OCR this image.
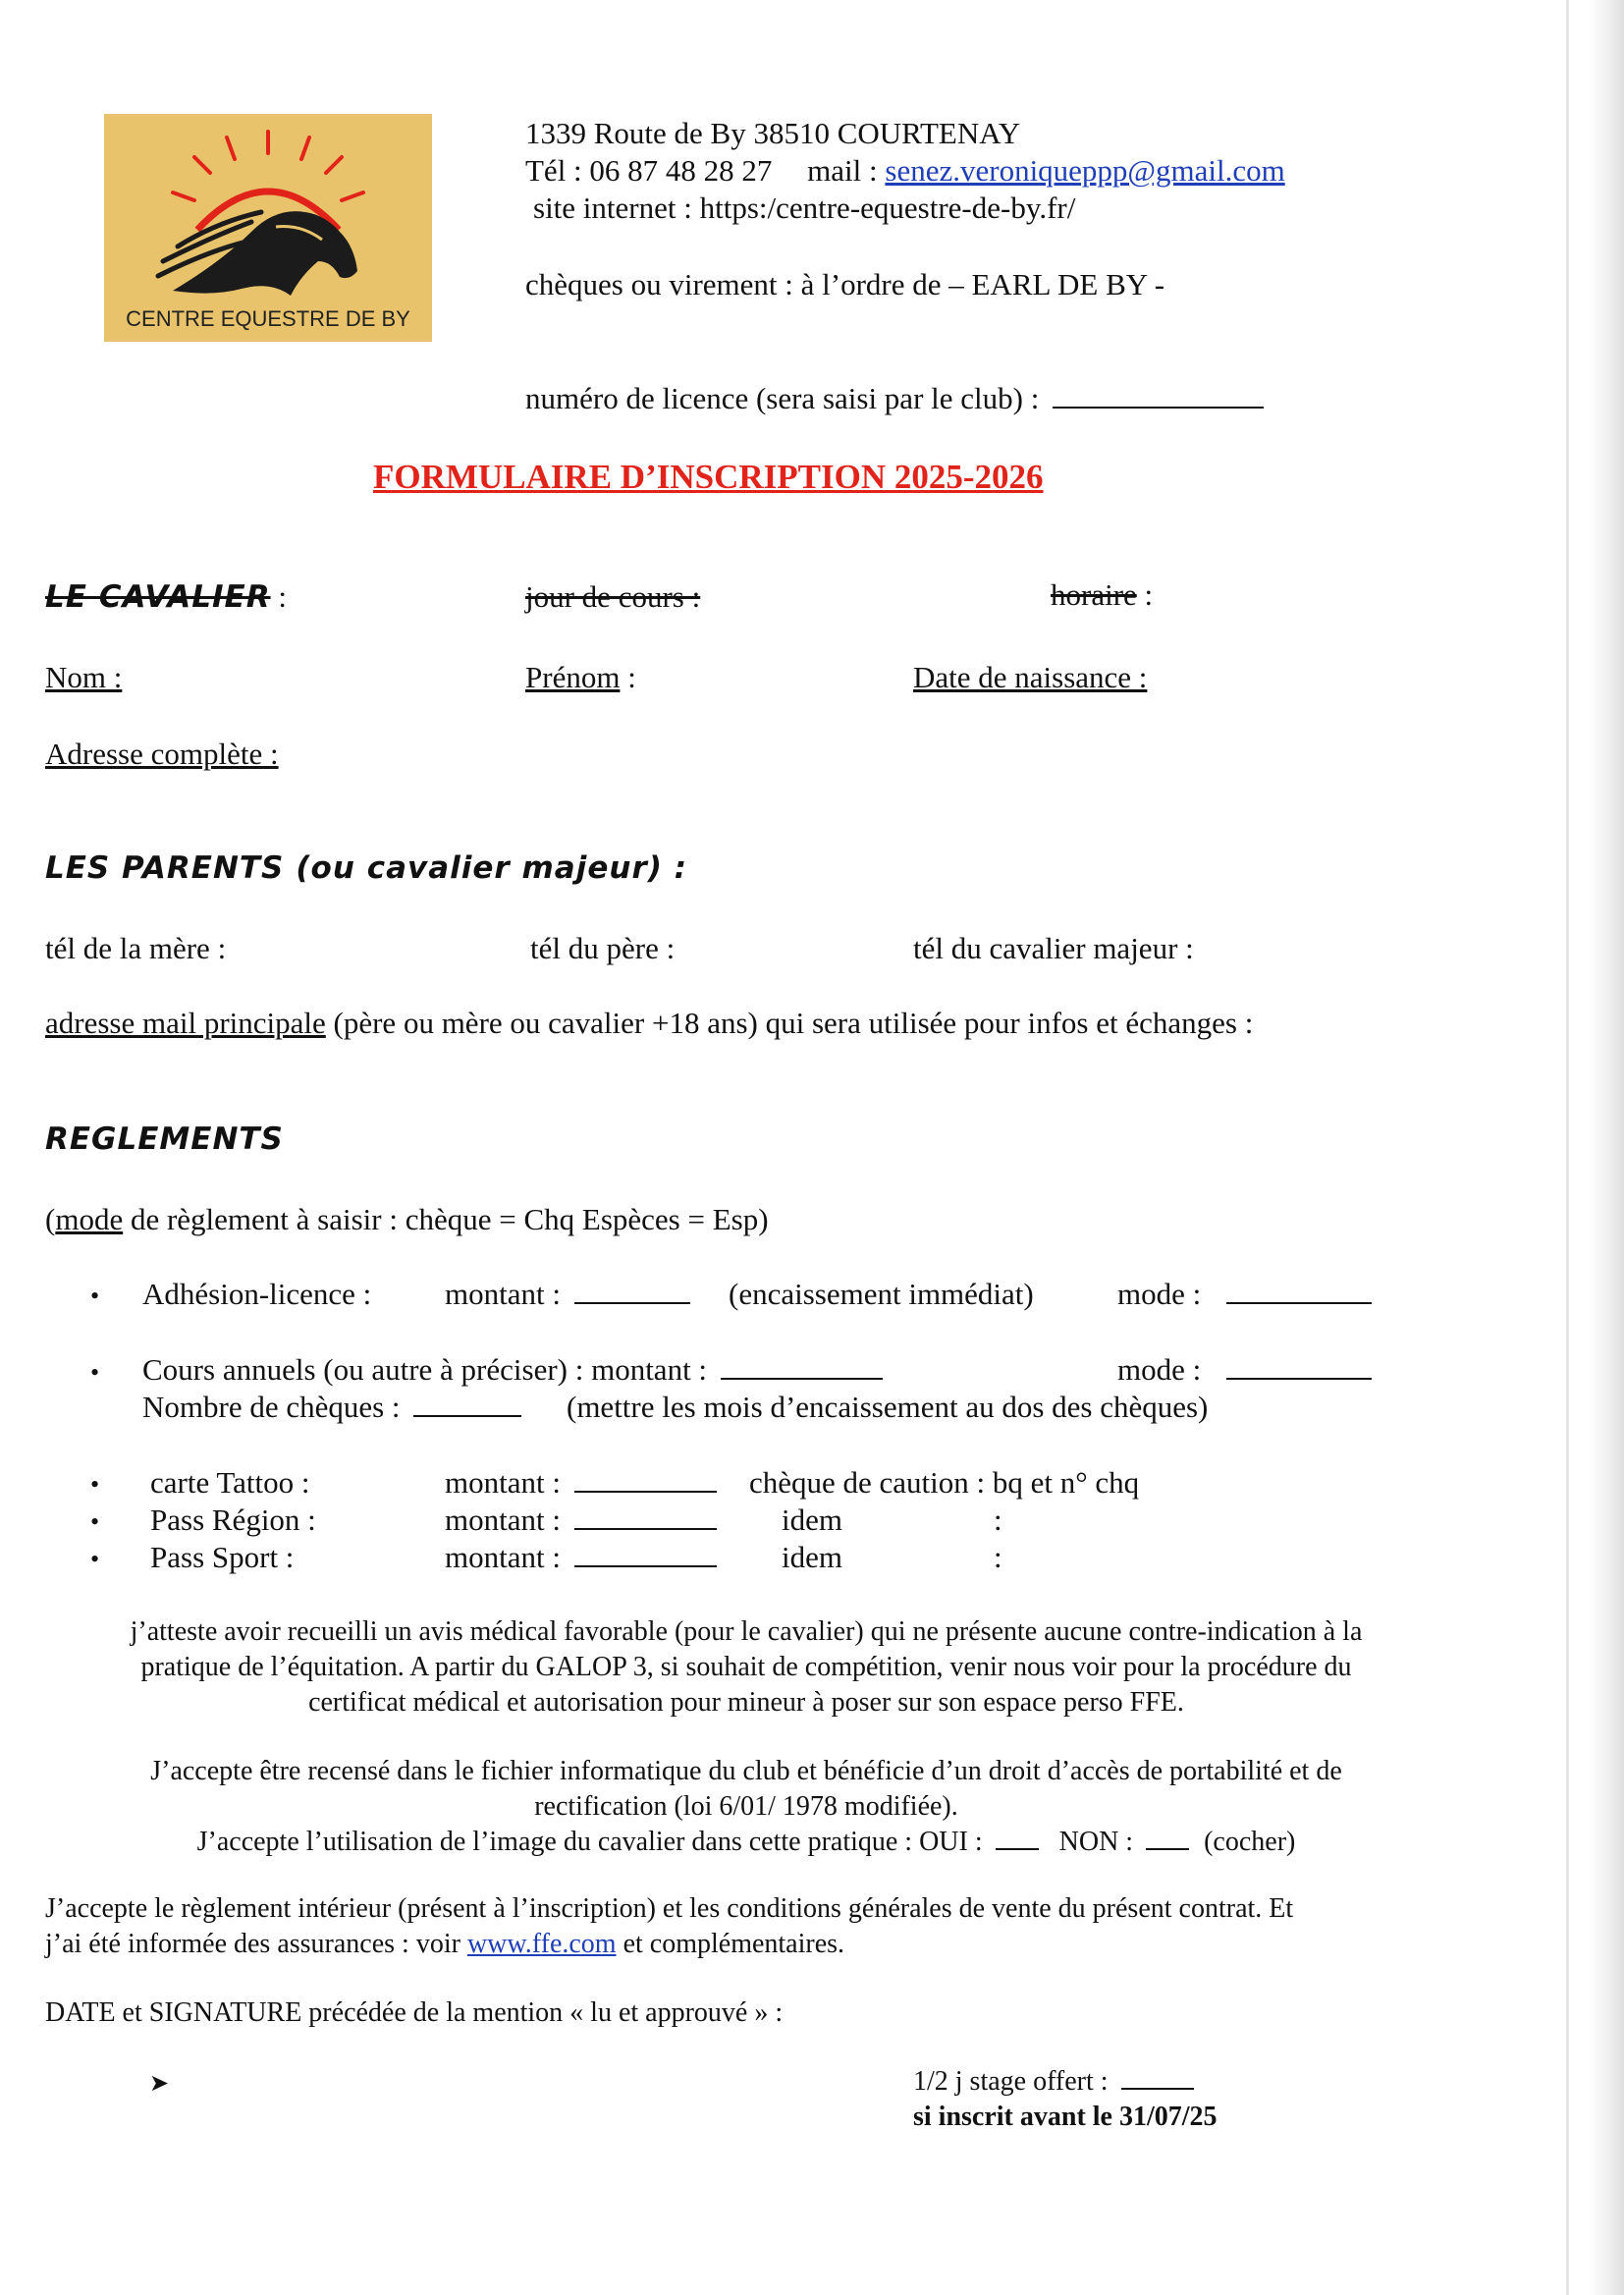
CENTRE EQUESTRE DE BY
1339 Route de By 38510 COURTENAY
Tél : 06 87 48 28 27 mail : senez.veroniqueppp@gmail.com
site internet : https:/centre-equestre-de-by.fr/
chèques ou virement : à l’ordre de – EARL DE BY -
numéro de licence (sera saisi par le club) :
FORMULAIRE D’INSCRIPTION 2025-2026
LE CAVALIER :	jour de cours :	horaire :
Nom :	Prénom :	Date de naissance :
Adresse complète :
LES PARENTS (ou cavalier majeur) :
tél de la mère :	tél du père :	tél du cavalier majeur :
adresse mail principale (père ou mère ou cavalier +18 ans) qui sera utilisée pour infos et échanges :
REGLEMENTS
(mode de règlement à saisir : chèque = Chq Espèces = Esp)
• Adhésion-licence : montant :	(encaissement immédiat)	mode :
• Cours annuels (ou autre à préciser) : montant :	mode :
Nombre de chèques :	(mettre les mois d’encaissement au dos des chèques)
• carte Tattoo :	montant :	chèque de caution : bq et n° chq
• Pass Région :	montant :	idem	:
• Pass Sport :	montant :	idem	:
j’atteste avoir recueilli un avis médical favorable (pour le cavalier) qui ne présente aucune contre-indication à la
pratique de l’équitation. A partir du GALOP 3, si souhait de compétition, venir nous voir pour la procédure du
certificat médical et autorisation pour mineur à poser sur son espace perso FFE.
J’accepte être recensé dans le fichier informatique du club et bénéficie d’un droit d’accès de portabilité et de
rectification (loi 6/01/ 1978 modifiée).
J’accepte l’utilisation de l’image du cavalier dans cette pratique : OUI :	NON :	(cocher)
J’accepte le règlement intérieur (présent à l’inscription) et les conditions générales de vente du présent contrat. Et
j’ai été informée des assurances : voir www.ffe.com et complémentaires.
DATE et SIGNATURE précédée de la mention « lu et approuvé » :
➤	1/2 j stage offert :
si inscrit avant le 31/07/25
